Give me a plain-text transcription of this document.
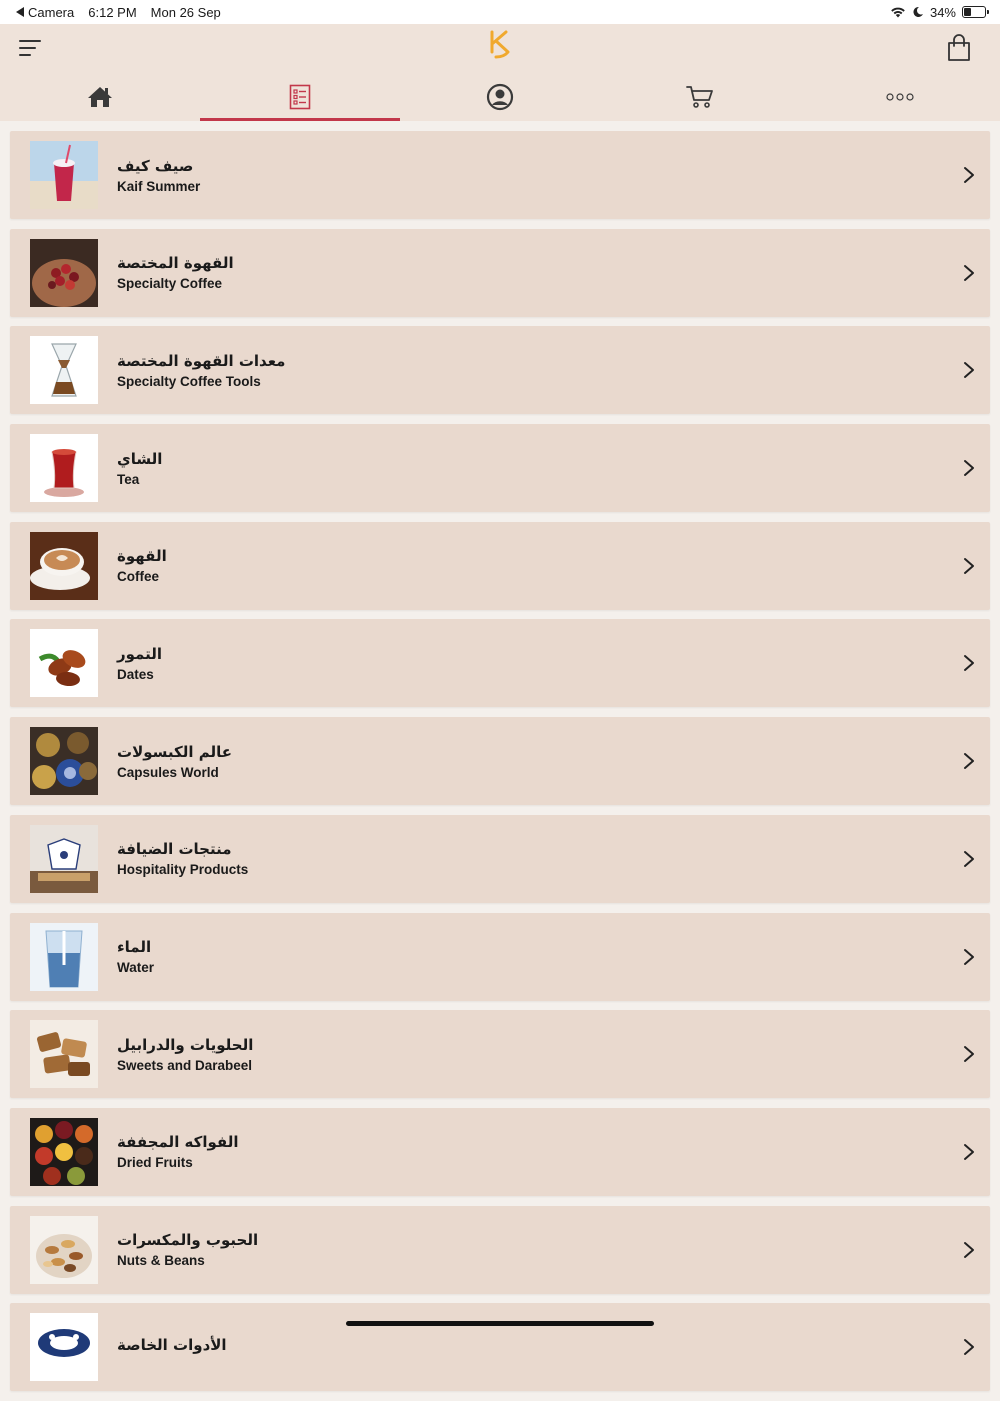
Camera 6:12 PM Mon 26 Sep	34%
صيف كيف
Kaif Summer
القهوة المختصة
Specialty Coffee
معدات القهوة المختصة
Specialty Coffee Tools
الشاي
Tea
القهوة
Coffee
التمور
Dates
عالم الكبسولات
Capsules World
منتجات الضيافة
Hospitality Products
الماء
Water
الحلويات والدرابيل
Sweets and Darabeel
الفواكه المجففة
Dried Fruits
الحبوب والمكسرات
Nuts & Beans
الأدوات الخاصة
